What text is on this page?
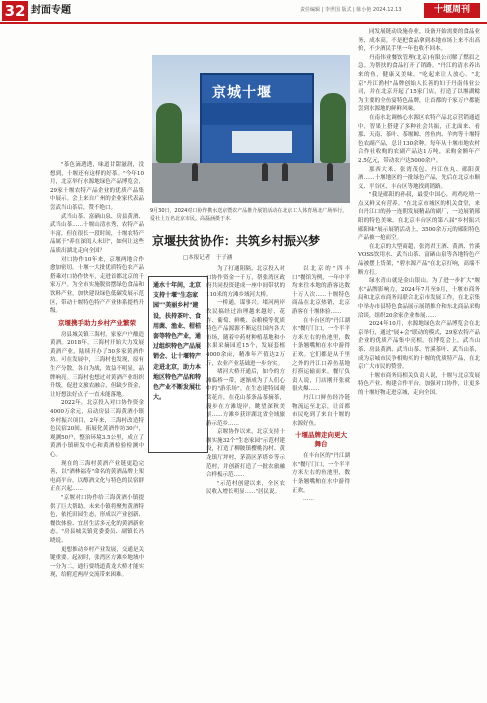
32 封面专题	责任编辑 | 李世国 版式 | 陈小艳 2024.12.13	十堰周刊
京城十堰
9月30日，2024对口协作携水送京暨农产品推介展馆活动在北京工人体育场北广场举行，爱社上万名北京市民。高磊涵摄于本.
京堰扶贫协作：共筑乡村振兴梦
□本报记者　于子涵
通水十年间，北京支持十堰"生态家园""美丽乡村"建设，扶持茶叶、食用菌、渔业、柑桔套等特色产业，通过组织特色产品展销会、让十堰特产走进北京，助力本地区特色产品和特色产业不断发展壮大。

"茶色滴透透，味道甘甜滋润，没想到，十堰还有这样的好茶。"今年10月，北京举行水源地绿色产品博览会，29家十堰农特产品企业的优质产品集中展示。会上来自广州的企业家代表品尝武当山茶后，赞不绝口。

武当山茶、富硒山泉、房县黄酒、武当山茶……十堰山清水秀，农特产品丰富，但在很长一段时间，十堰农特产品属于"养在深闺人未识"，如何让这些品质出湖北走向全国？

对口协作10年来，京堰两地合作愈加密切。十堰一大批优质特色农产品搭乘对口协作快车，走进首都北京的千家万户。为全市实施脱贫摆绿色食品和饮料产业，加快建设绿色低碳发展示范区，带动十堰特色特产产业体系提档升级。

京堰携手助力乡村产业繁荣

房县城关镇三海村，家家户户酿造黄酒。2018年，三海村开始大力发展黄酒产业，陆续开办了50多家黄酒作坊。可在发展中，三海村也发现，原有生产分散，各自为战，效益不明显，品牌响亮。三海村也想过对黄酒产业组织升级，促进文旅农融合，但缺少资金，让好想法好点子一直未能落地。

2022年，北京投入对口协作资金4000万余元，启动房县三海黄酒小镇乡村振兴项目，2年来，三海村改造特色民宿20间，拓展化黄酒作坊30户，观测50户，整治环境3.5公里，成立了黄酒小镇研发中心和黄酒检验检测中心。

现在的三海村黄酒产业链更趋完善，以"酒林福寿"命名的黄酒品牌上架电商平台，以醇酒文化与特色的民宿群正在兴起……

"京堰对口协作给三海黄酒小镇提供了巨大帮助，未来小镇将聚焦黄酒特色，依托田园生态，形成以产业创新、餐饮体验、宜居生活多元化的黄酒新业态。"房县城关镇党委委员、副镇长冯晓说。

更想推动乡村产业发展，交通是关键重要。起初时，张湾区方滩乡地域中一分为二，通行要绕道黄龙大桥才能实现，给附近两岸交流带来困难。

为了打通阻隔，北京投入对口协作资金一千万，帮张湾区政府共同投资建成一座中间带状的110米的方滩乡域河大桥。

一桥通，谋事兴。堵河两岸农民搞经过治理越来越好，花卉、葡萄、鲜桃、杂粮模等优质特色产品源源不断运往国内各大市场，随着中药材种植基地和小水果采摘园近15个，发展套植4000余亩，精准年产值达2万斤，农业产业基础进一步夯实。

堵河大桥开通后，如今的方滩临桥一带，逐渐成为了人们心中的"游乐场"。在生态建特园观赏花卉，在花山茶条品茶摘茶，漫步在方滩堤岸，眺望深秋美景……方滩乡获评湖北省全域旅游示范乡……

京堰协作以来，北京支持十堰实施32个"生态家园"示范村建设，打造了柳陂镇樱桃沟村、黄龙镇厅坪村、茅箭区茅塔乡等示范村，并创新打造了一批农旅融合样板示范……

"示范村创建以来，全区农民收入增长明显……"居民说。

以北京的"四丰口"餐馆为例，一年中平均来往本地的游客达数十万人次……十堰特色商品在北京热销，北京游客在十堰体验……

在丰台区的"丹江湖水"餐厅门口，一个半平方米左右的鱼池里，数十条翘嘴鲌在水中游得正欢。它们都是从千里之外的丹江口养鱼基地打捞运输而来。餐厅负责人说，门店刚开张就很火爆……

丹江口鲜鱼经冷链物流运至北京，让首都市民吃到了来自十堰的水源好鱼。

十堰品牌走向更大舞台

在丰台区的"丹江湖水"餐厅门口，一个半平方米左右的鱼池里，数十条翘嘴鲌在水中游得正欢。

……

同发展链动设施券业，设备开始需要的食品业务、成本高。不是把食品拿到本地市场上来不出高价，不少酒民手里一年也收不回本。

丹南伟业餐饮管理(北京)有限公司解了燃眉之急。为帮扶的食品打开了销路。"丹江的清水养出来的鱼，健康又美味。"吃起来让人放心。"北京"丹江渔村"品牌创始人长善的妇于丹南伟业公司，并在北京开起了15家门店，打造了以堰湖鲶为主要的全鱼宴特色品牌，让首都的千家万户都能尝到水源地的鲜鲜风味。

在南水北调核心水源区农特产品北京营销通道中，智果上搭建了多种社会共振，正北面来、看那、天南、茶叶、茶堰鲸、兽鱼肉、羊肉等十堰特色农副产品，总计130余种。每年从十堰市地农村合作社收购的农副产品达1万吨，采购金额年产2.5亿元，带动农户达5000余户。

那西大米、张湾茂包、丹江鱼丸、郧阳黄酒……十堰地区的一批绿色产品，先后在北京市顺义、平谷区、丰台区等地找到销路。

"我是郧阳的孙叔，最爱中国心，鸡鸡吃啥一点又鲜又有营养。"在北京市城区的机关食堂，来自丹江口的孙一连朝发展精品的副厂，一边展销郧阳的特色美味。在北京丰台区的第八届"乡村振兴郧阳味"展示展销活动上，3500余万元的郧阳特色产品被一抢而空。

在北京的大型商超，张湾君王酒、黄酒、竹溪VOSS饮用水、武当山茶、富硒山泉等各地特色产品被摆上货架，"碧水源产品"在北京打响，高端不断方打。

绿水青山就是金山银山。为了进一步扩大"堰水"品牌影响力，2024年7月至9月，十堰市商务局和北京市商务局联合北京市发展工作，在北京集中举办市县特色食品展示展销推介和东北商品采购洽谈，组织20余家企业参展……

2024年10月，水源地绿色农产品博览会在北京举行，通过"展+会"联动的模式，29家农特产品企业的优质产品集中亮相，在博览会上，武当山茶、房县黄酒、武当山茶、竹溪茶叶、武当山茶，成为京城市民争相购买的十堰的优质特产品，在北京广大市民的赞誉。

十堰市商务局相关负责人说，十堰与北京发展特色产业、构建合作平台，加强对口协作，让更多的十堰好物走进京城，走向全国。
